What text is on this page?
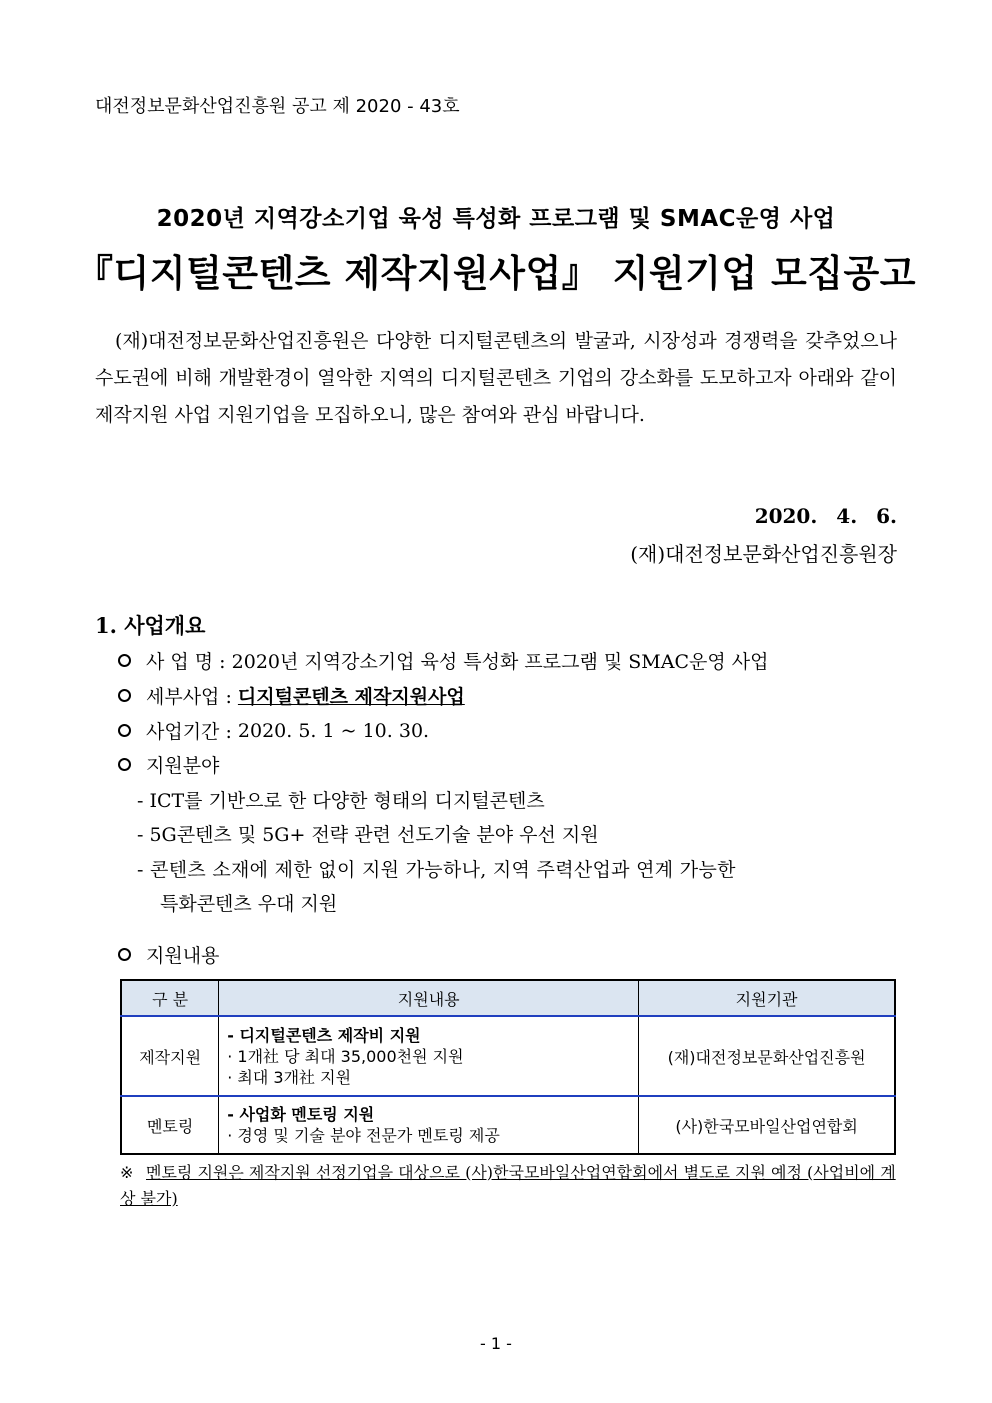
대전정보문화산업진흥원 공고 제 2020 - 43호
2020년 지역강소기업 육성 특성화 프로그램 및 SMAC운영 사업
『디지털콘텐츠 제작지원사업』 지원기업 모집공고
(재)대전정보문화산업진흥원은 다양한 디지털콘텐츠의 발굴과, 시장성과 경쟁력을 갖추었으나 수도권에 비해 개발환경이 열악한 지역의 디지털콘텐츠 기업의 강소화를 도모하고자 아래와 같이 제작지원 사업 지원기업을 모집하오니, 많은 참여와 관심 바랍니다.
2020. 4. 6.
(재)대전정보문화산업진흥원장
1. 사업개요
사 업 명 :
2020년 지역강소기업 육성 특성화 프로그램 및 SMAC운영 사업
세부사업 :
디지털콘텐츠 제작지원사업
사업기간 :
2020. 5. 1 ~ 10. 30.
지원분야
- ICT를 기반으로 한 다양한 형태의 디지털콘텐츠
- 5G콘텐츠 및 5G+ 전략 관련 선도기술 분야 우선 지원
- 콘텐츠 소재에 제한 없이 지원 가능하나, 지역 주력산업과 연계 가능한
특화콘텐츠 우대 지원
지원내용
구 분	지원내용	지원기관
제작지원	- 디지털콘텐츠 제작비 지원
· 1개社 당 최대 35,000천원 지원
· 최대 3개社 지원	(재)대전정보문화산업진흥원
멘토링	- 사업화 멘토링 지원
· 경영 및 기술 분야 전문가 멘토링 제공	(사)한국모바일산업연합회
※ 멘토링 지원은 제작지원 선정기업을 대상으로 (사)한국모바일산업연합회에서 별도로 지원 예정 (사업비에 계상 불가)
- 1 -
